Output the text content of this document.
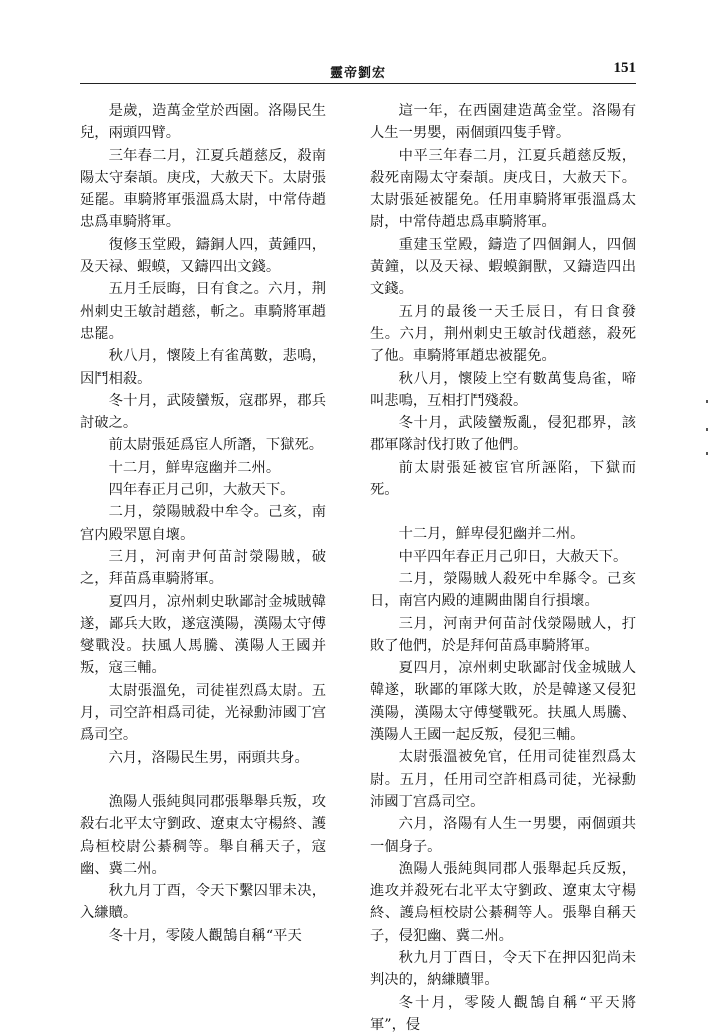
靈帝劉宏	151

是歲，造萬金堂於西園。洛陽民生兒，兩頭四臂。

三年春二月，江夏兵趙慈反，殺南陽太守秦頡。庚戌，大赦天下。太尉張延罷。車騎將軍張溫爲太尉，中常侍趙忠爲車騎將軍。

復修玉堂殿，鑄銅人四，黃鍾四，及天禄、蝦蟆，又鑄四出文錢。

五月壬辰晦，日有食之。六月，荆州刺史王敏討趙慈，斬之。車騎將軍趙忠罷。

秋八月，懷陵上有雀萬數，悲鳴，因鬥相殺。

冬十月，武陵蠻叛，寇郡界，郡兵討破之。

前太尉張延爲宦人所譖，下獄死。

十二月，鮮卑寇幽并二州。

四年春正月己卯，大赦天下。

二月，滎陽賊殺中牟令。己亥，南宫内殿罘罳自壞。

三月，河南尹何苗討滎陽賊，破之，拜苗爲車騎將軍。

夏四月，凉州刺史耿鄙討金城賊韓遂，鄙兵大敗，遂寇漢陽，漢陽太守傅燮戰没。扶風人馬騰、漢陽人王國并叛，寇三輔。

太尉張溫免，司徒崔烈爲太尉。五月，司空許相爲司徒，光禄勳沛國丁宫爲司空。

六月，洛陽民生男，兩頭共身。

漁陽人張純與同郡張舉舉兵叛，攻殺右北平太守劉政、遼東太守楊終、護烏桓校尉公綦稠等。舉自稱天子，寇幽、冀二州。

秋九月丁酉，令天下繫囚罪未决，入縑贖。

冬十月，零陵人觀鵠自稱“平天

這一年，在西園建造萬金堂。洛陽有人生一男嬰，兩個頭四隻手臂。

中平三年春二月，江夏兵趙慈反叛，殺死南陽太守秦頡。庚戌日，大赦天下。太尉張延被罷免。任用車騎將軍張溫爲太尉，中常侍趙忠爲車騎將軍。

重建玉堂殿，鑄造了四個銅人，四個黃鐘，以及天禄、蝦蟆銅獸，又鑄造四出文錢。

五月的最後一天壬辰日，有日食發生。六月，荆州刺史王敏討伐趙慈，殺死了他。車騎將軍趙忠被罷免。

秋八月，懷陵上空有數萬隻鳥雀，啼叫悲鳴，互相打鬥殘殺。

冬十月，武陵蠻叛亂，侵犯郡界，該郡軍隊討伐打敗了他們。

前太尉張延被宦官所誣陷，下獄而死。

十二月，鮮卑侵犯幽并二州。

中平四年春正月己卯日，大赦天下。

二月，滎陽賊人殺死中牟縣令。己亥日，南宫内殿的連闕曲閣自行損壞。

三月，河南尹何苗討伐滎陽賊人，打敗了他們，於是拜何苗爲車騎將軍。

夏四月，凉州刺史耿鄙討伐金城賊人韓遂，耿鄙的軍隊大敗，於是韓遂又侵犯漢陽，漢陽太守傅燮戰死。扶風人馬騰、漢陽人王國一起反叛，侵犯三輔。

太尉張溫被免官，任用司徒崔烈爲太尉。五月，任用司空許相爲司徒，光禄勳沛國丁宫爲司空。

六月，洛陽有人生一男嬰，兩個頭共一個身子。

漁陽人張純與同郡人張舉起兵反叛，進攻并殺死右北平太守劉政、遼東太守楊終、護烏桓校尉公綦稠等人。張舉自稱天子，侵犯幽、冀二州。

秋九月丁酉日，令天下在押囚犯尚未判决的，納縑贖罪。

冬十月，零陵人觀鵠自稱“平天將軍”，侵
